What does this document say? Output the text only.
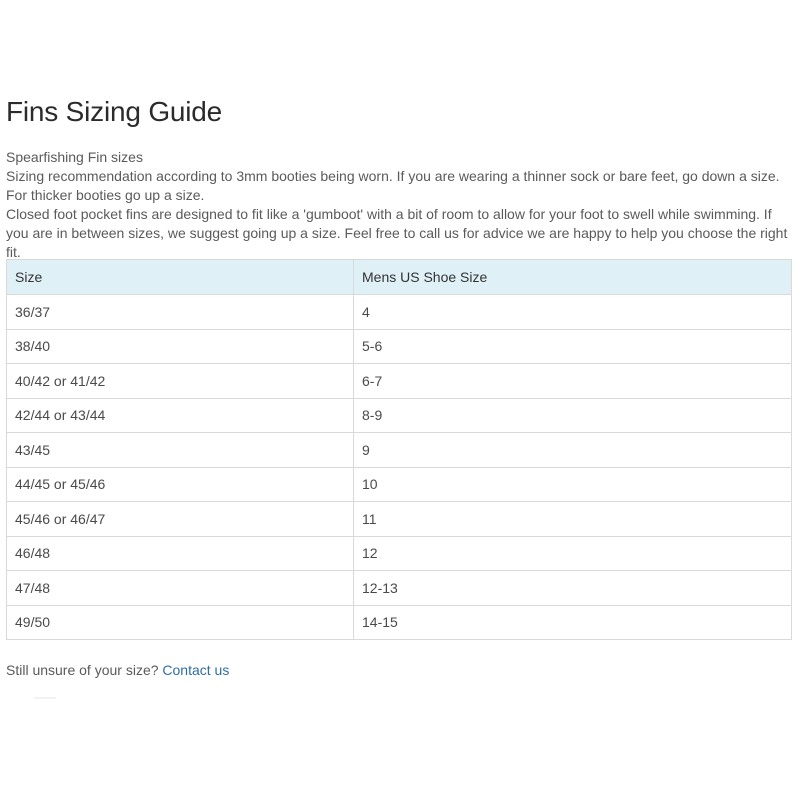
Fins Sizing Guide

Spearfishing Fin sizes

Sizing recommendation according to 3mm booties being worn. If you are wearing a thinner sock or bare feet, go down a size. For thicker booties go up a size.

Closed foot pocket fins are designed to fit like a 'gumboot' with a bit of room to allow for your foot to swell while swimming. If you are in between sizes, we suggest going up a size. Feel free to call us for advice we are happy to help you choose the right fit.

Size	Mens US Shoe Size
36/37	4
38/40	5-6
40/42 or 41/42	6-7
42/44 or 43/44	8-9
43/45	9
44/45 or 45/46	10
45/46 or 46/47	11
46/48	12
47/48	12-13
49/50	14-15
Still unsure of your size? Contact us
